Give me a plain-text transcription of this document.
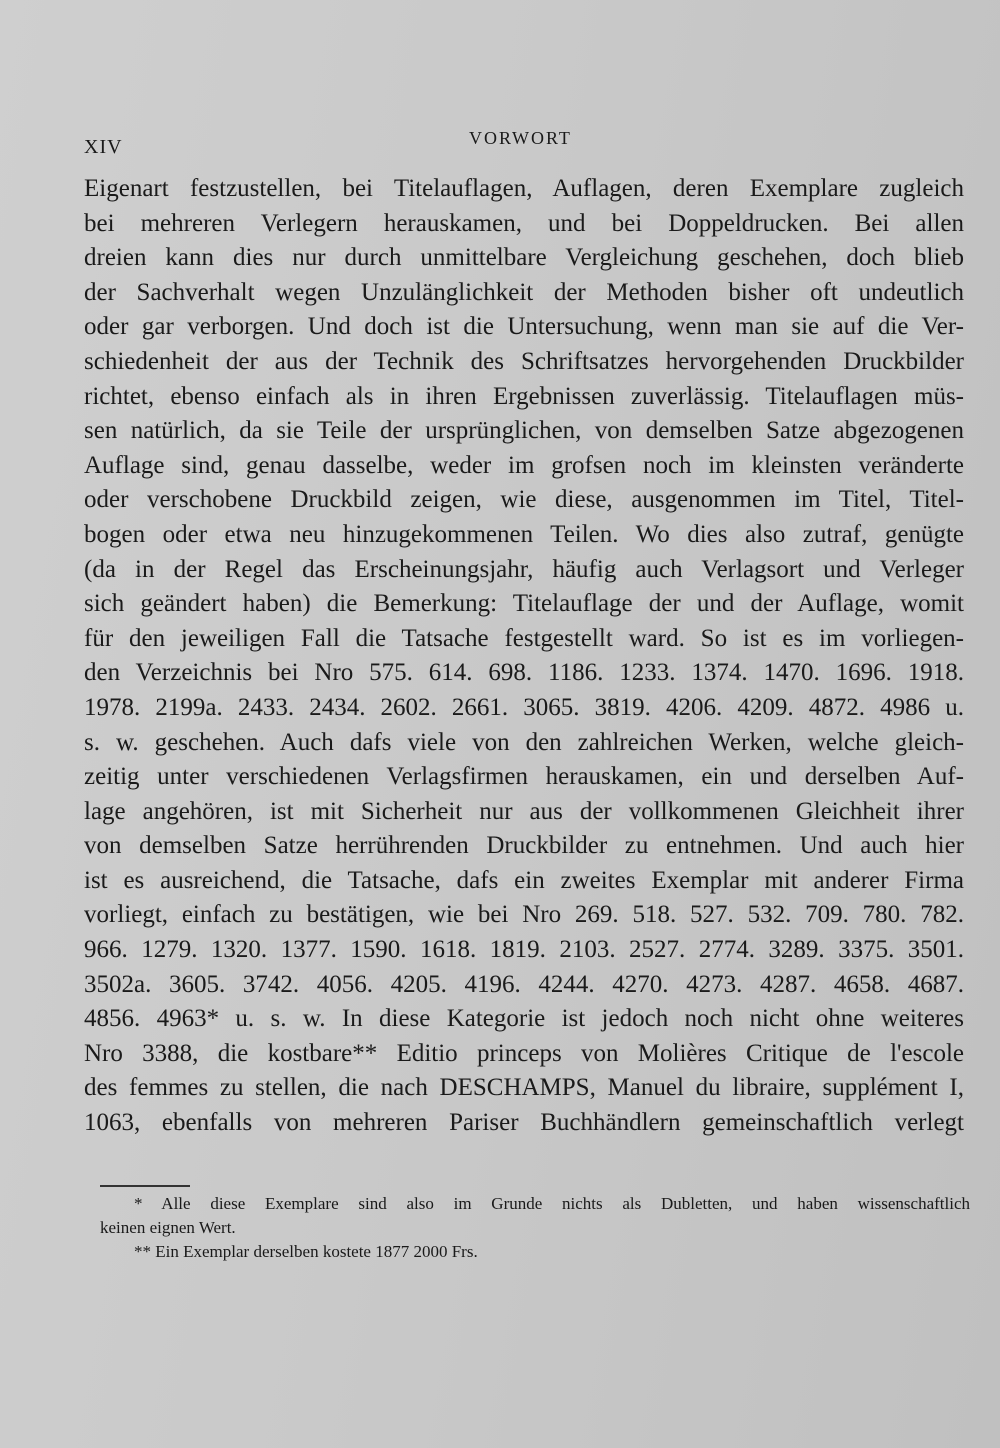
XIV	VORWORT
Eigenart festzustellen, bei Titelauflagen, Auflagen, deren Exemplare zugleich
bei mehreren Verlegern herauskamen, und bei Doppeldrucken. Bei allen
dreien kann dies nur durch unmittelbare Vergleichung geschehen, doch blieb
der Sachverhalt wegen Unzulänglichkeit der Methoden bisher oft undeutlich
oder gar verborgen. Und doch ist die Untersuchung, wenn man sie auf die Ver-
schiedenheit der aus der Technik des Schriftsatzes hervorgehenden Druckbilder
richtet, ebenso einfach als in ihren Ergebnissen zuverlässig. Titelauflagen müs-
sen natürlich, da sie Teile der ursprünglichen, von demselben Satze abgezogenen
Auflage sind, genau dasselbe, weder im grofsen noch im kleinsten veränderte
oder verschobene Druckbild zeigen, wie diese, ausgenommen im Titel, Titel-
bogen oder etwa neu hinzugekommenen Teilen. Wo dies also zutraf, genügte
(da in der Regel das Erscheinungsjahr, häufig auch Verlagsort und Verleger
sich geändert haben) die Bemerkung: Titelauflage der und der Auflage, womit
für den jeweiligen Fall die Tatsache festgestellt ward. So ist es im vorliegen-
den Verzeichnis bei Nro 575. 614. 698. 1186. 1233. 1374. 1470. 1696. 1918.
1978. 2199a. 2433. 2434. 2602. 2661. 3065. 3819. 4206. 4209. 4872. 4986 u.
s. w. geschehen. Auch dafs viele von den zahlreichen Werken, welche gleich-
zeitig unter verschiedenen Verlagsfirmen herauskamen, ein und derselben Auf-
lage angehören, ist mit Sicherheit nur aus der vollkommenen Gleichheit ihrer
von demselben Satze herrührenden Druckbilder zu entnehmen. Und auch hier
ist es ausreichend, die Tatsache, dafs ein zweites Exemplar mit anderer Firma
vorliegt, einfach zu bestätigen, wie bei Nro 269. 518. 527. 532. 709. 780. 782.
966. 1279. 1320. 1377. 1590. 1618. 1819. 2103. 2527. 2774. 3289. 3375. 3501.
3502a. 3605. 3742. 4056. 4205. 4196. 4244. 4270. 4273. 4287. 4658. 4687.
4856. 4963* u. s. w. In diese Kategorie ist jedoch noch nicht ohne weiteres
Nro 3388, die kostbare** Editio princeps von Molières Critique de l'escole
des femmes zu stellen, die nach DESCHAMPS, Manuel du libraire, supplément I,
1063, ebenfalls von mehreren Pariser Buchhändlern gemeinschaftlich verlegt
* Alle diese Exemplare sind also im Grunde nichts als Dubletten, und haben wissenschaftlich
keinen eignen Wert.
** Ein Exemplar derselben kostete 1877 2000 Frs.
